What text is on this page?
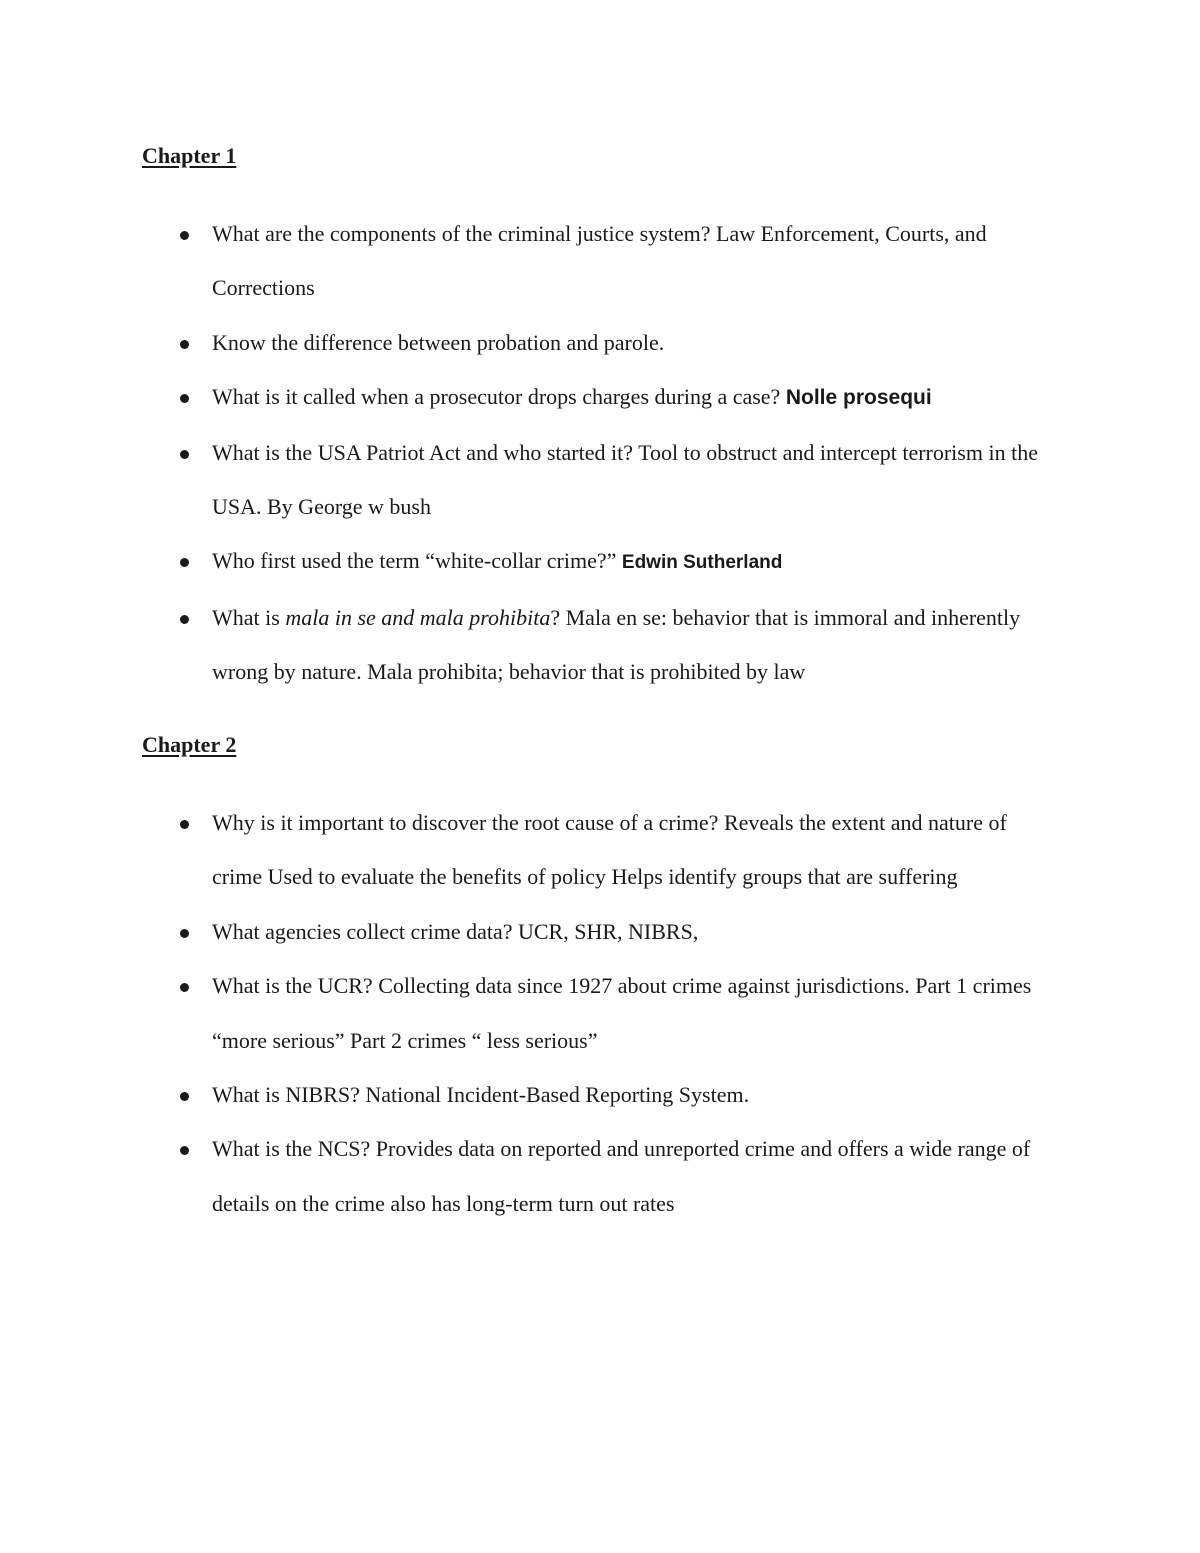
Chapter 1
What are the components of the criminal justice system? Law Enforcement, Courts, and Corrections
Know the difference between probation and parole.
What is it called when a prosecutor drops charges during a case? Nolle prosequi
What is the USA Patriot Act and who started it? Tool to obstruct and intercept terrorism in the USA. By George w bush
Who first used the term “white-collar crime?” Edwin Sutherland
What is mala in se and mala prohibita? Mala en se: behavior that is immoral and inherently wrong by nature. Mala prohibita; behavior that is prohibited by law
Chapter 2
Why is it important to discover the root cause of a crime? Reveals the extent and nature of crime Used to evaluate the benefits of policy Helps identify groups that are suffering
What agencies collect crime data? UCR, SHR, NIBRS,
What is the UCR? Collecting data since 1927 about crime against jurisdictions. Part 1 crimes “more serious” Part 2 crimes “ less serious”
What is NIBRS? National Incident-Based Reporting System.
What is the NCS? Provides data on reported and unreported crime and offers a wide range of details on the crime also has long-term turn out rates
